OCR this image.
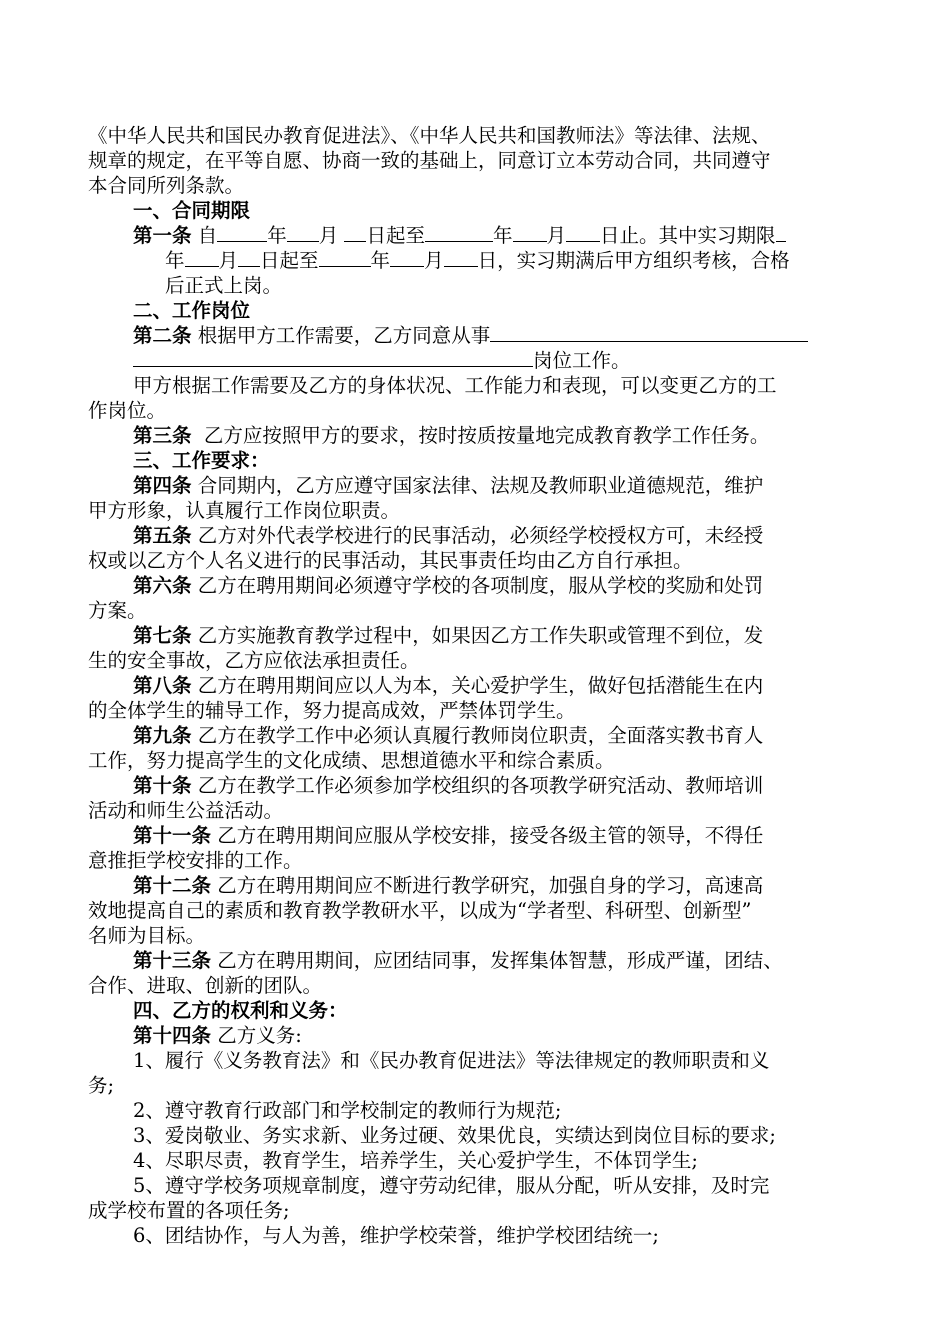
《中华人民共和国民办教育促进法》、《中华人民共和国教师法》等法律、法规、
规章的规定，在平等自愿、协商一致的基础上，同意订立本劳动合同，共同遵守
本合同所列条款。
一、合同期限
第一条 自	年 月 日起至	年 月 日止。其中实习期限
年 月 日起至	年 月 日，实习期满后甲方组织考核，合格
后正式上岗。
二、工作岗位
第二条 根据甲方工作需要，乙方同意从事
岗位工作。
甲方根据工作需要及乙方的身体状况、工作能力和表现，可以变更乙方的工
作岗位。
第三条 乙方应按照甲方的要求，按时按质按量地完成教育教学工作任务。
三、工作要求：
第四条 合同期内，乙方应遵守国家法律、法规及教师职业道德规范，维护
甲方形象，认真履行工作岗位职责。
第五条 乙方对外代表学校进行的民事活动，必须经学校授权方可，未经授
权或以乙方个人名义进行的民事活动，其民事责任均由乙方自行承担。
第六条 乙方在聘用期间必须遵守学校的各项制度，服从学校的奖励和处罚
方案。
第七条 乙方实施教育教学过程中，如果因乙方工作失职或管理不到位，发
生的安全事故，乙方应依法承担责任。
第八条 乙方在聘用期间应以人为本，关心爱护学生，做好包括潜能生在内
的全体学生的辅导工作，努力提高成效，严禁体罚学生。
第九条 乙方在教学工作中必须认真履行教师岗位职责，全面落实教书育人
工作，努力提高学生的文化成绩、思想道德水平和综合素质。
第十条 乙方在教学工作必须参加学校组织的各项教学研究活动、教师培训
活动和师生公益活动。
第十一条 乙方在聘用期间应服从学校安排，接受各级主管的领导，不得任
意推拒学校安排的工作。
第十二条 乙方在聘用期间应不断进行教学研究，加强自身的学习，高速高
效地提高自己的素质和教育教学教研水平，以成为“学者型、科研型、创新型”
名师为目标。
第十三条 乙方在聘用期间，应团结同事，发挥集体智慧，形成严谨，团结、
合作、进取、创新的团队。
四、乙方的权利和义务：
第十四条 乙方义务:
1、履行《义务教育法》和《民办教育促进法》等法律规定的教师职责和义
务;
2、遵守教育行政部门和学校制定的教师行为规范;
3、爱岗敬业、务实求新、业务过硬、效果优良，实绩达到岗位目标的要求;
4、尽职尽责，教育学生，培养学生，关心爱护学生，不体罚学生;
5、遵守学校务项规章制度，遵守劳动纪律，服从分配，听从安排，及时完
成学校布置的各项任务;
6、团结协作，与人为善，维护学校荣誉，维护学校团结统一;
